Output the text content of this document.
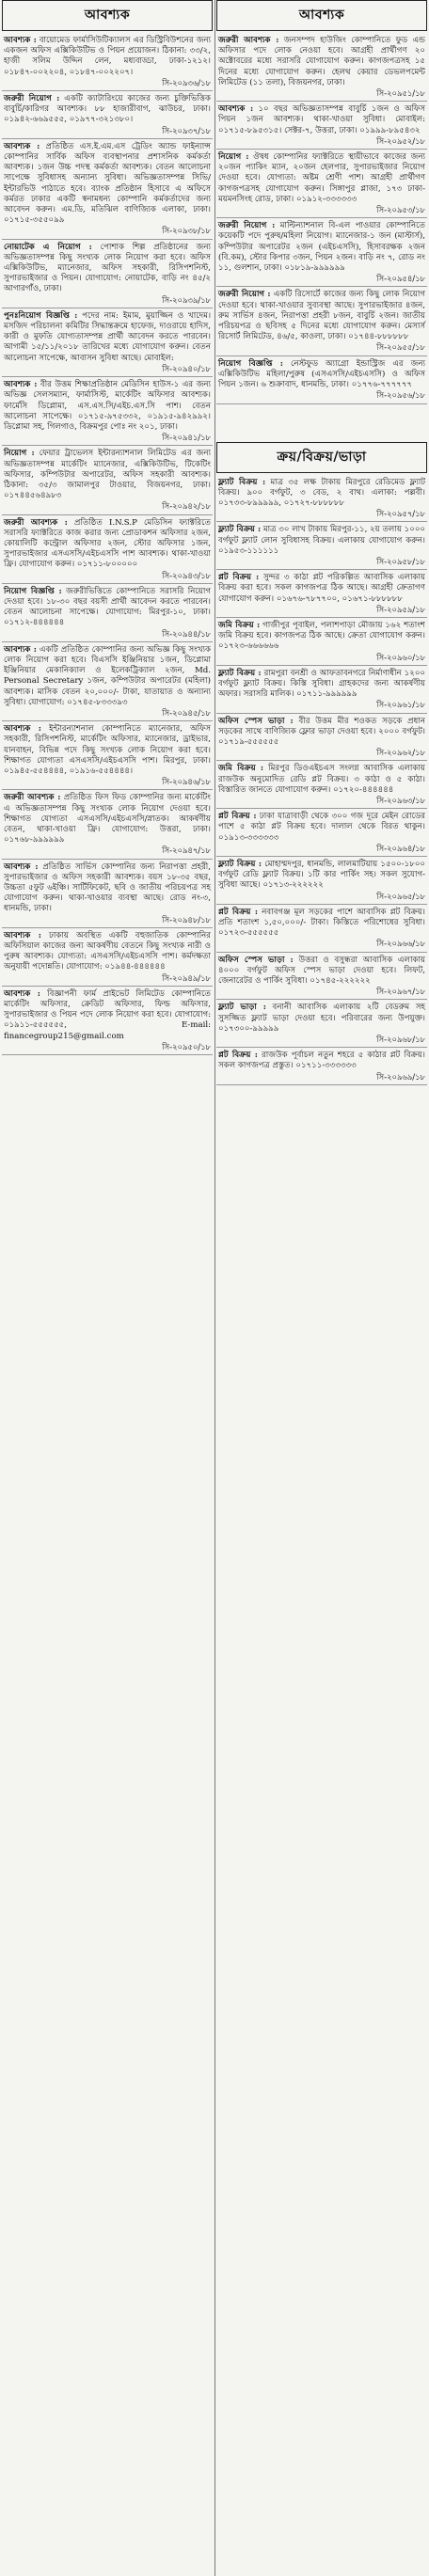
আবশ্যক
আবশ্যক : বায়োমেড ফার্মাসিউটিক্যালস এর ডিস্ট্রিবিউশনের জন্য একজন অফিস এক্সিকিউটিভ ও পিয়ন প্রয়োজন। ঠিকানা: ৩৩/২, হাজী সলিম উদ্দিন লেন, মধ্যবাড্ডা, ঢাকা-১২১২। ০১৮৪৭-০০২২০৪, ০১৮৪৭-০০২২০৭।
সি-২০৯৩৬/১৮
জরুরী নিয়োগ : একটি ক্যাটারিংয়ে কাজের জন্য চুক্তিভিত্তিক বাবুর্চি/কারিগর আবশ্যক। ৮৮ হাজারীবাগ, ঝাউচর, ঢাকা। ০১৯৪২-৬৬৯৫৫৫, ০১৯৭৭-৩২১৩৮০।
সি-২০৯৩৭/১৮
আবশ্যক : প্রতিষ্ঠিত এস.ই.এম.এস ট্রেডিং অ্যান্ড ফাইন্যান্স কোম্পানির সার্বিক অফিস ব্যবস্থাপনার প্রশাসনিক কর্মকর্তা আবশ্যক। ১জন উচ্চ পদস্থ কর্মকর্তা আবশ্যক। বেতন আলোচনা সাপেক্ষে সুবিধাসহ অন্যান্য সুবিধা। অভিজ্ঞতাসম্পন্ন সিভি/ইন্টারভিউ পাঠাতে হবে। ব্যাংক প্রতিষ্ঠান হিসাবে এ অফিসে কর্মরত ঢাকার একটি স্বনামধন্য কোম্পানি কর্মকর্তাদের জন্য আবেদন করুন। এম.ডি, মতিঝিল বাণিজ্যিক এলাকা, ঢাকা। ০১৭১৫-৩৫৫০৯৯
সি-২০৯৩৮/১৮
নোয়াটেক এ নিয়োগ : পোশাক শিল্প প্রতিষ্ঠানের জন্য অভিজ্ঞতাসম্পন্ন কিছু সংখ্যক লোক নিয়োগ করা হবে। অফিস এক্সিকিউটিভ, ম্যানেজার, অফিস সহকারী, রিসিপশনিস্ট, সুপারভাইজার ও পিয়ন। যোগাযোগ: নোয়াটেক, বাড়ি নং ৪৫/২ আগারগাঁও, ঢাকা।
সি-২০৯৩৯/১৮
পুনঃনিয়োগ বিজ্ঞপ্তি : পদের নাম: ইমাম, মুয়াজ্জিন ও খাদেম। মসজিদ পরিচালনা কমিটির সিদ্ধান্তক্রমে হাফেজ, দাওরায়ে হাদিস, কারী ও মুফতি যোগ্যতাসম্পন্ন প্রার্থী আবেদন করতে পারবেন। আগামী ১৫/১১/২০১৮ তারিখের মধ্যে যোগাযোগ করুন। বেতন আলোচনা সাপেক্ষে, আবাসন সুবিধা আছে। মোবাইল:
সি-২০৯৪০/১৮
আবশ্যক : বীর উত্তম শিক্ষাপ্রতিষ্ঠান মেডিসিন হাউস-১ এর জন্য অভিজ্ঞ সেলসম্যান, ফার্মাসিস্ট, মার্কেটিং অফিসার আবশ্যক। ফার্মেসি ডিপ্লোমা, এস.এস.সি/এইচ.এস.সি পাশ। বেতন আলোচনা সাপেক্ষে। ০১৭১৫-৯৭৫৩৩২, ০১৯১৫-৯৪২৯৯২। ডিপ্লোমা সহ, গিলগাও, বিক্রমপুর পোঃ নং ২০১, ঢাকা।
সি-২০৯৪১/১৮
নিয়োগ : ফেয়ার ট্রাভেলস ইন্টারন্যাশনাল লিমিটেড এর জন্য অভিজ্ঞতাসম্পন্ন মার্কেটিং ম্যানেজার, এক্সিকিউটিভ, টিকেটিং অফিসার, কম্পিউটার অপারেটর, অফিস সহকারী আবশ্যক। ঠিকানা: ৩৫/৩ জামালপুর টাওয়ার, বিজয়নগর, ঢাকা। ০১৭৪৪৫৬৪৯৮৩
সি-২০৯৪২/১৮
জরুরী আবশ্যক : প্রতিষ্ঠিত I.N.S.P মেডিসিন ফ্যাক্টরিতে সরাসরি ফ্যাক্টরিতে কাজ করার জন্য প্রোডাকশন অফিসার ২জন, কোয়ালিটি কন্ট্রোল অফিসার ২জন, স্টোর অফিসার ১জন, সুপারভাইজার এসএসসি/এইচএসসি পাশ আবশ্যক। থাকা-খাওয়া ফ্রি। যোগাযোগ করুন। ০১৭১১-৮০০০০০
সি-২০৯৪৩/১৮
নিয়োগ বিজ্ঞপ্তি : জরুরীভিত্তিতে কোম্পানিতে সরাসরি নিয়োগ দেওয়া হবে। ১৮-৩০ বছর বয়সী প্রার্থী আবেদন করতে পারবেন। বেতন আলোচনা সাপেক্ষে। যোগাযোগ: মিরপুর-১০, ঢাকা। ০১৭১২-৪৪৪৪৪৪
সি-২০৯৪৪/১৮
আবশ্যক : একটি প্রতিষ্ঠিত কোম্পানির জন্য অভিজ্ঞ কিছু সংখ্যক লোক নিয়োগ করা হবে। বিএসসি ইঞ্জিনিয়ার ১জন, ডিপ্লোমা ইঞ্জিনিয়ার মেকানিক্যাল ও ইলেকট্রিক্যাল ২জন, Md. Personal Secretary ১জন, কম্পিউটার অপারেটর (মহিলা) আবশ্যক। মাসিক বেতন ২০,০০০/- টাকা, যাতায়াত ও অন্যান্য সুবিধা। যোগাযোগ: ০১৭৪৫-৮৩৩৩৯৩
সি-২০৯৪৫/১৮
আবশ্যক : ইন্টারন্যাশনাল কোম্পানিতে ম্যানেজার, অফিস সহকারী, রিসিপশনিস্ট, মার্কেটিং অফিসার, ম্যানেজার, ড্রাইভার, যানবাহন, বিভিন্ন পদে কিছু সংখ্যক লোক নিয়োগ করা হবে। শিক্ষাগত যোগ্যতা এসএসসি/এইচএসসি পাশ। মিরপুর, ঢাকা। ০১৯৪৫-৫৫৪৪৪৪, ০১৯১৬-৫৫৪৪৪৪।
সি-২০৯৪৬/১৮
জরুরী আবশ্যক : প্রতিষ্ঠিত ফিস ফিড কোম্পানির জন্য মার্কেটিং এ অভিজ্ঞতাসম্পন্ন কিছু সংখ্যক লোক নিয়োগ দেওয়া হবে। শিক্ষাগত যোগ্যতা এসএসসি/এইচএসসি/স্নাতক। আকর্ষণীয় বেতন, থাকা-খাওয়া ফ্রি। যোগাযোগ: উত্তরা, ঢাকা। ০১৭৬৮-৯৯৯৯৯৯
সি-২০৯৪৭/১৮
আবশ্যক : প্রতিষ্ঠিত সার্ভিস কোম্পানির জন্য নিরাপত্তা প্রহরী, সুপারভাইজার ও অফিস সহকারী আবশ্যক। বয়স ১৮-৩৫ বছর, উচ্চতা ৫ফুট ৬ইঞ্চি। সার্টিফিকেট, ছবি ও জাতীয় পরিচয়পত্র সহ যোগাযোগ করুন। থাকা-খাওয়ার ব্যবস্থা আছে। রোড নং-৩, ধানমন্ডি, ঢাকা।
সি-২০৯৪৮/১৮
আবশ্যক : ঢাকায় অবস্থিত একটি বহুজাতিক কোম্পানির অফিসিয়াল কাজের জন্য আকর্ষণীয় বেতনে কিছু সংখ্যক নারী ও পুরুষ আবশ্যক। যোগ্যতা: এসএসসি/এইচএসসি পাশ। কর্মদক্ষতা অনুযায়ী পদোন্নতি। যোগাযোগ: ০১৯৪৪-৪৪৪৪৪৪
সি-২০৯৪৯/১৮
আবশ্যক : বিজ্ঞাপনী ফার্ম প্রাইভেট লিমিটেড কোম্পানিতে মার্কেটিং অফিসার, ক্রেডিট অফিসার, ফিল্ড অফিসার, সুপারভাইজার ও পিয়ন পদে লোক নিয়োগ করা হবে। যোগাযোগ: ০১৯১১-৫৫৫৫৫৫, E-mail: financegroup215@gmail.com
সি-২০৯৫০/১৮
আবশ্যক
জরুরী আবশ্যক : জনসম্পদ হাউজিং কোম্পানিতে ফুড এন্ড অফিসার পদে লোক নেওয়া হবে। আগ্রহী প্রার্থীগণ ২০ অক্টোবরের মধ্যে সরাসরি যোগাযোগ করুন। কাগজপত্রসহ ১৫ দিনের মধ্যে যোগাযোগ করুন। হেলথ কেয়ার ডেভলপমেন্ট লিমিটেড (১১ তলা), বিজয়নগর, ঢাকা।
সি-২০৯৫১/১৮
আবশ্যক : ১০ বছর অভিজ্ঞতাসম্পন্ন বাবুর্চি ১জন ও অফিস পিয়ন ১জন আবশ্যক। থাকা-খাওয়া সুবিধা। মোবাইল: ০১৭১৫-৮৯৫৩১৫। সেক্টর-৭, উত্তরা, ঢাকা। ০১৯৯৯-৮৯৫৪৩২
সি-২০৯৫২/১৮
নিয়োগ : ঔষধ কোম্পানির ফ্যাক্টরিতে স্থায়ীভাবে কাজের জন্য ২০জন প্যাকিং ম্যান, ২০জন হেলপার, সুপারভাইজার নিয়োগ দেওয়া হবে। যোগ্যতা: অষ্টম শ্রেণী পাশ। আগ্রহী প্রার্থীগণ কাগজপত্রসহ যোগাযোগ করুন। সিঙ্গাপুর প্লাজা, ১৭৩ ঢাকা-ময়মনসিংহ রোড, ঢাকা। ০১৯১২-৩৩৩৩৩৩
সি-২০৯৫৩/১৮
জরুরী নিয়োগ : মাল্টিন্যাশনাল বি-এল পাওয়ার কোম্পানিতে কয়েকটি পদে পুরুষ/মহিলা নিয়োগ। ম্যানেজার-১ জন (মাস্টার্স), কম্পিউটার অপারেটর ২জন (এইচএসসি), হিসাবরক্ষক ২জন (বি.কম), স্টোর কিপার ৩জন, পিয়ন ২জন। বাড়ি নং ৭, রোড নং ১১, গুলশান, ঢাকা। ০১৮১৯-৯৯৯৯৯৯
সি-২০৯৫৪/১৮
জরুরী নিয়োগ : একটি রিসোর্টে কাজের জন্য কিছু লোক নিয়োগ দেওয়া হবে। থাকা-খাওয়ার সুব্যবস্থা আছে। সুপারভাইজার ৪জন, রুম সার্ভিস ৪জন, নিরাপত্তা প্রহরী ৮জন, বাবুর্চি ২জন। জাতীয় পরিচয়পত্র ও ছবিসহ ৫ দিনের মধ্যে যোগাযোগ করুন। মেসার্স রিসোর্ট লিমিটেড, ৪৬/৫, কাওলা, ঢাকা। ০১৭৪৪-৮৮৮৮৮৮
সি-২০৯৫৫/১৮
নিয়োগ বিজ্ঞপ্তি : নেস্টফুড অ্যাগ্রো ইন্ডাস্ট্রিজ এর জন্য এক্সিকিউটিভ মহিলা/পুরুষ (এসএসসি/এইচএসসি) ও অফিস পিয়ন ১জন। ৬ শুক্রাবাদ, ধানমন্ডি, ঢাকা। ০১৭৭৬-৭৭৭৭৭৭
সি-২০৯৫৬/১৮
ক্রয়/বিক্রয়/ভাড়া
ফ্ল্যাট বিক্রয় : মাত্র ৩৫ লক্ষ টাকায় মিরপুরে রেডিমেড ফ্ল্যাট বিক্রয়। ৯০০ বর্গফুট, ৩ বেড, ২ বাথ। এলাকা: পল্লবী। ০১৭৩৩-৮৯৯৯৯৯, ০১৭২৭-৮৮৮৮৮৮
সি-২০৯৫৭/১৮
ফ্ল্যাট বিক্রয় : মাত্র ৩০ লাখ টাকায় মিরপুর-১১, ২য় তলায় ১০০০ বর্গফুট ফ্ল্যাট লোন সুবিধাসহ বিক্রয়। এলাকায় যোগাযোগ করুন। ০১৯৫৩-১১১১১১
সি-২০৯৫৮/১৮
প্লট বিক্রয় : সুন্দর ৩ কাঠা প্লট পরিকল্পিত আবাসিক এলাকায় বিক্রয় করা হবে। সকল কাগজপত্র ঠিক আছে। আগ্রহী ক্রেতাগণ যোগাযোগ করুন। ০১৬৭৬-৭৮৭৭০০, ০১৬৭১-৮৮৮৮৮৮
সি-২০৯৫৯/১৮
জমি বিক্রয় : গাজীপুর পূবাইল, পলাশপাড়া মৌজায় ১৬২ শতাংশ জমি বিক্রয় হবে। কাগজপত্র ঠিক আছে। ক্রেতা যোগাযোগ করুন। ০১৭২৩-৬৬৬৬৬৬
সি-২০৯৬০/১৮
ফ্ল্যাট বিক্রয় : রামপুরা বনশ্রী ও আফতাবনগরে নির্মাণাধীন ১২০০ বর্গফুট ফ্ল্যাট বিক্রয়। কিস্তি সুবিধা। গ্রাহকদের জন্য আকর্ষণীয় অফার। সরাসরি মালিক। ০১৭১১-৯৯৯৯৯৯
সি-২০৯৬১/১৮
অফিস স্পেস ভাড়া : বীর উত্তম মীর শওকত সড়কে প্রধান সড়কের সাথে বাণিজ্যিক ফ্লোর ভাড়া দেওয়া হবে। ২০০০ বর্গফুট। ০১৭১৯-৫৫৫৫৫৫
সি-২০৯৬২/১৮
জমি বিক্রয় : মিরপুর ডিওএইচএস সংলগ্ন আবাসিক এলাকায় রাজউক অনুমোদিত রেডি প্লট বিক্রয়। ৩ কাঠা ও ৫ কাঠা। বিস্তারিত জানতে যোগাযোগ করুন। ০১৭২০-৪৪৪৪৪৪
সি-২০৯৬৩/১৮
প্লট বিক্রয় : ঢাকা যাত্রাবাড়ী থেকে ৩০০ গজ দূরে মেইন রোডের পাশে ৫ কাঠা প্লট বিক্রয় হবে। দালাল থেকে বিরত থাকুন। ০১৯১৩-৩৩৩৩৩৩
সি-২০৯৬৪/১৮
ফ্ল্যাট বিক্রয় : মোহাম্মদপুর, ধানমন্ডি, লালমাটিয়ায় ১৫০০-১৮০০ বর্গফুট রেডি ফ্ল্যাট বিক্রয়। ১টি কার পার্কিং সহ। সকল সুযোগ-সুবিধা আছে। ০১৭১৩-২২২২২২
সি-২০৯৬৫/১৮
প্লট বিক্রয় : নবাবগঞ্জ মূল সড়কের পাশে আবাসিক প্লট বিক্রয়। প্রতি শতাংশ ১,৫০,০০০/- টাকা। কিস্তিতে পরিশোধের সুবিধা। ০১৭২৩-৫৫৫৫৫৫
সি-২০৯৬৬/১৮
অফিস স্পেস ভাড়া : উত্তরা ও বসুন্ধরা আবাসিক এলাকায় ৪০০০ বর্গফুট অফিস স্পেস ভাড়া দেওয়া হবে। লিফট, জেনারেটর ও পার্কিং সুবিধা। ০১৭৪৫-২২২২২২
সি-২০৯৬৭/১৮
ফ্ল্যাট ভাড়া : বনানী আবাসিক এলাকায় ২টি বেডরুম সহ সুসজ্জিত ফ্ল্যাট ভাড়া দেওয়া হবে। পরিবারের জন্য উপযুক্ত। ০১৭৩০০-৯৯৯৯৯
সি-২০৯৬৮/১৮
প্লট বিক্রয় : রাজউক পূর্বাচল নতুন শহরে ৫ কাঠার প্লট বিক্রয়। সকল কাগজপত্র প্রস্তুত। ০১৭১১-৩৩৩৩৩৩
সি-২০৯৬৯/১৮
